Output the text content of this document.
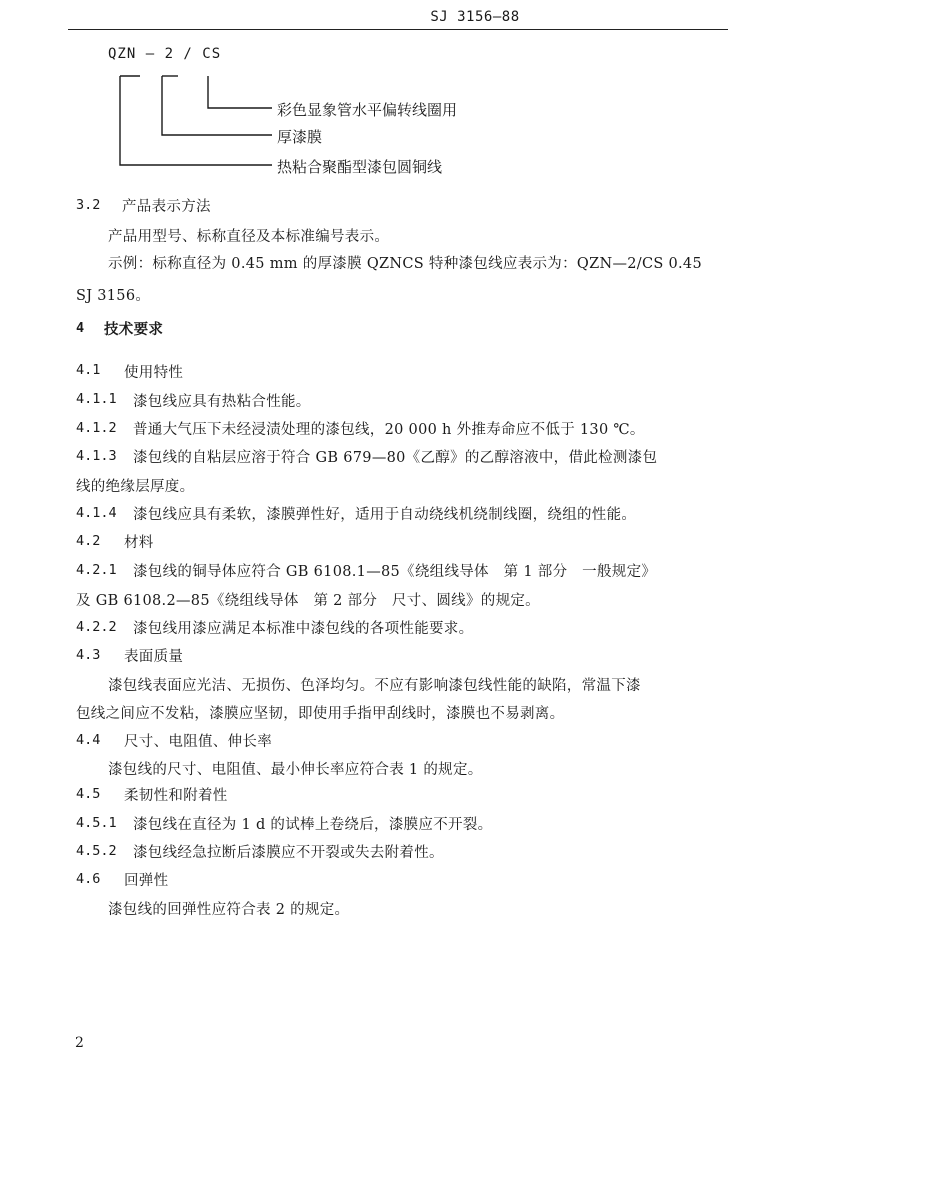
SJ 3156—88
QZN — 2 / CS
彩色显象管水平偏转线圈用
厚漆膜
热粘合聚酯型漆包圆铜线
3.2 产品表示方法
产品用型号、标称直径及本标准编号表示。
示例：标称直径为 0.45 mm 的厚漆膜 QZNCS 特种漆包线应表示为：QZN—2/CS 0.45
SJ 3156。
4 技术要求
4.1 使用特性
4.1.1 漆包线应具有热粘合性能。
4.1.2 普通大气压下未经浸渍处理的漆包线，20 000 h 外推寿命应不低于 130 ℃。
4.1.3 漆包线的自粘层应溶于符合 GB 679—80《乙醇》的乙醇溶液中，借此检测漆包
线的绝缘层厚度。
4.1.4 漆包线应具有柔软，漆膜弹性好，适用于自动绕线机绕制线圈，绕组的性能。
4.2 材料
4.2.1 漆包线的铜导体应符合 GB 6108.1—85《绕组线导体　第 1 部分　一般规定》
及 GB 6108.2—85《绕组线导体　第 2 部分　尺寸、圆线》的规定。
4.2.2 漆包线用漆应满足本标准中漆包线的各项性能要求。
4.3 表面质量
漆包线表面应光洁、无损伤、色泽均匀。不应有影响漆包线性能的缺陷，常温下漆
包线之间应不发粘，漆膜应坚韧，即使用手指甲刮线时，漆膜也不易剥离。
4.4 尺寸、电阻值、伸长率
漆包线的尺寸、电阻值、最小伸长率应符合表 1 的规定。
4.5 柔韧性和附着性
4.5.1 漆包线在直径为 1 d 的试棒上卷绕后，漆膜应不开裂。
4.5.2 漆包线经急拉断后漆膜应不开裂或失去附着性。
4.6 回弹性
漆包线的回弹性应符合表 2 的规定。
2
